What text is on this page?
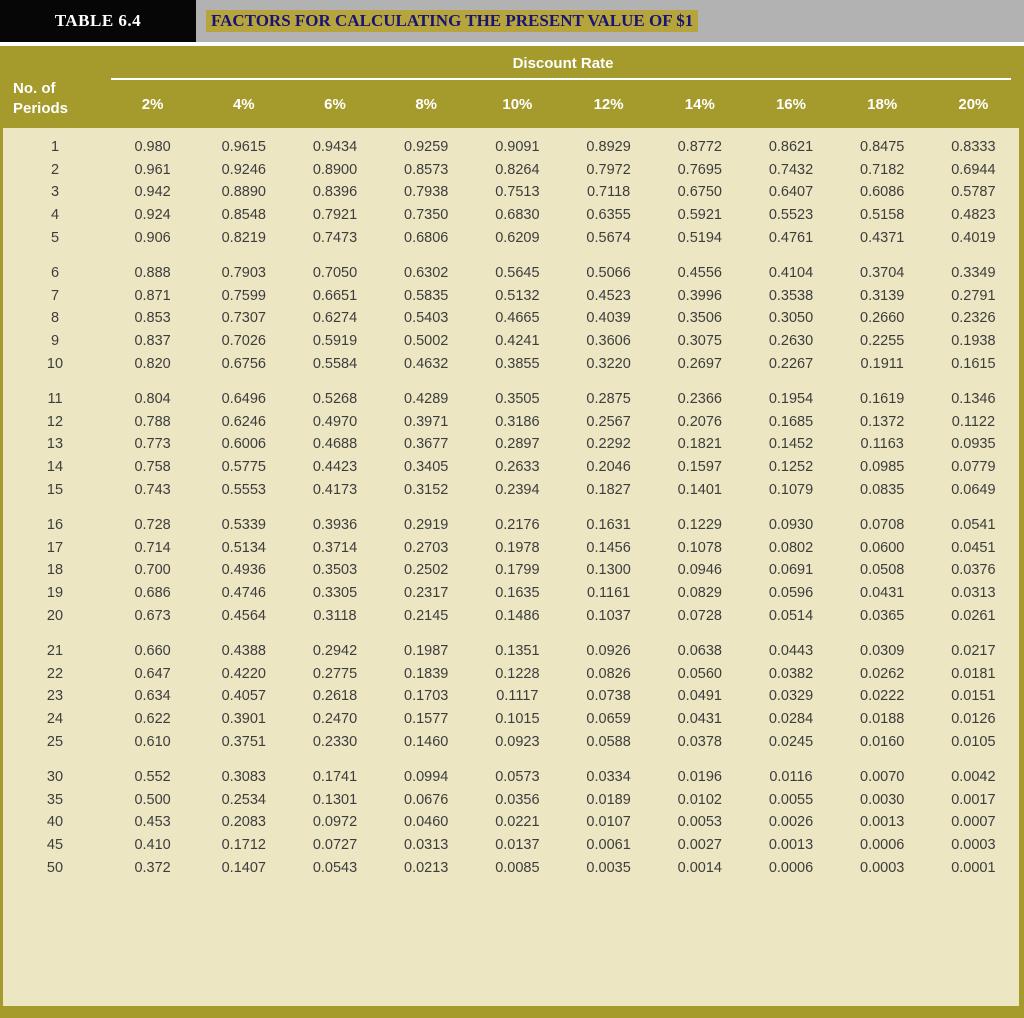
TABLE 6.4	FACTORS FOR CALCULATING THE PRESENT VALUE OF $1
No. of
Periods
Discount Rate
2%	4%	6%	8%	10%	12%	14%	16%	18%	20%
1	0.980	0.9615	0.9434	0.9259	0.9091	0.8929	0.8772	0.8621	0.8475	0.8333
2	0.961	0.9246	0.8900	0.8573	0.8264	0.7972	0.7695	0.7432	0.7182	0.6944
3	0.942	0.8890	0.8396	0.7938	0.7513	0.7118	0.6750	0.6407	0.6086	0.5787
4	0.924	0.8548	0.7921	0.7350	0.6830	0.6355	0.5921	0.5523	0.5158	0.4823
5	0.906	0.8219	0.7473	0.6806	0.6209	0.5674	0.5194	0.4761	0.4371	0.4019
6	0.888	0.7903	0.7050	0.6302	0.5645	0.5066	0.4556	0.4104	0.3704	0.3349
7	0.871	0.7599	0.6651	0.5835	0.5132	0.4523	0.3996	0.3538	0.3139	0.2791
8	0.853	0.7307	0.6274	0.5403	0.4665	0.4039	0.3506	0.3050	0.2660	0.2326
9	0.837	0.7026	0.5919	0.5002	0.4241	0.3606	0.3075	0.2630	0.2255	0.1938
10	0.820	0.6756	0.5584	0.4632	0.3855	0.3220	0.2697	0.2267	0.1911	0.1615
11	0.804	0.6496	0.5268	0.4289	0.3505	0.2875	0.2366	0.1954	0.1619	0.1346
12	0.788	0.6246	0.4970	0.3971	0.3186	0.2567	0.2076	0.1685	0.1372	0.1122
13	0.773	0.6006	0.4688	0.3677	0.2897	0.2292	0.1821	0.1452	0.1163	0.0935
14	0.758	0.5775	0.4423	0.3405	0.2633	0.2046	0.1597	0.1252	0.0985	0.0779
15	0.743	0.5553	0.4173	0.3152	0.2394	0.1827	0.1401	0.1079	0.0835	0.0649
16	0.728	0.5339	0.3936	0.2919	0.2176	0.1631	0.1229	0.0930	0.0708	0.0541
17	0.714	0.5134	0.3714	0.2703	0.1978	0.1456	0.1078	0.0802	0.0600	0.0451
18	0.700	0.4936	0.3503	0.2502	0.1799	0.1300	0.0946	0.0691	0.0508	0.0376
19	0.686	0.4746	0.3305	0.2317	0.1635	0.1161	0.0829	0.0596	0.0431	0.0313
20	0.673	0.4564	0.3118	0.2145	0.1486	0.1037	0.0728	0.0514	0.0365	0.0261
21	0.660	0.4388	0.2942	0.1987	0.1351	0.0926	0.0638	0.0443	0.0309	0.0217
22	0.647	0.4220	0.2775	0.1839	0.1228	0.0826	0.0560	0.0382	0.0262	0.0181
23	0.634	0.4057	0.2618	0.1703	0.1117	0.0738	0.0491	0.0329	0.0222	0.0151
24	0.622	0.3901	0.2470	0.1577	0.1015	0.0659	0.0431	0.0284	0.0188	0.0126
25	0.610	0.3751	0.2330	0.1460	0.0923	0.0588	0.0378	0.0245	0.0160	0.0105
30	0.552	0.3083	0.1741	0.0994	0.0573	0.0334	0.0196	0.0116	0.0070	0.0042
35	0.500	0.2534	0.1301	0.0676	0.0356	0.0189	0.0102	0.0055	0.0030	0.0017
40	0.453	0.2083	0.0972	0.0460	0.0221	0.0107	0.0053	0.0026	0.0013	0.0007
45	0.410	0.1712	0.0727	0.0313	0.0137	0.0061	0.0027	0.0013	0.0006	0.0003
50	0.372	0.1407	0.0543	0.0213	0.0085	0.0035	0.0014	0.0006	0.0003	0.0001
